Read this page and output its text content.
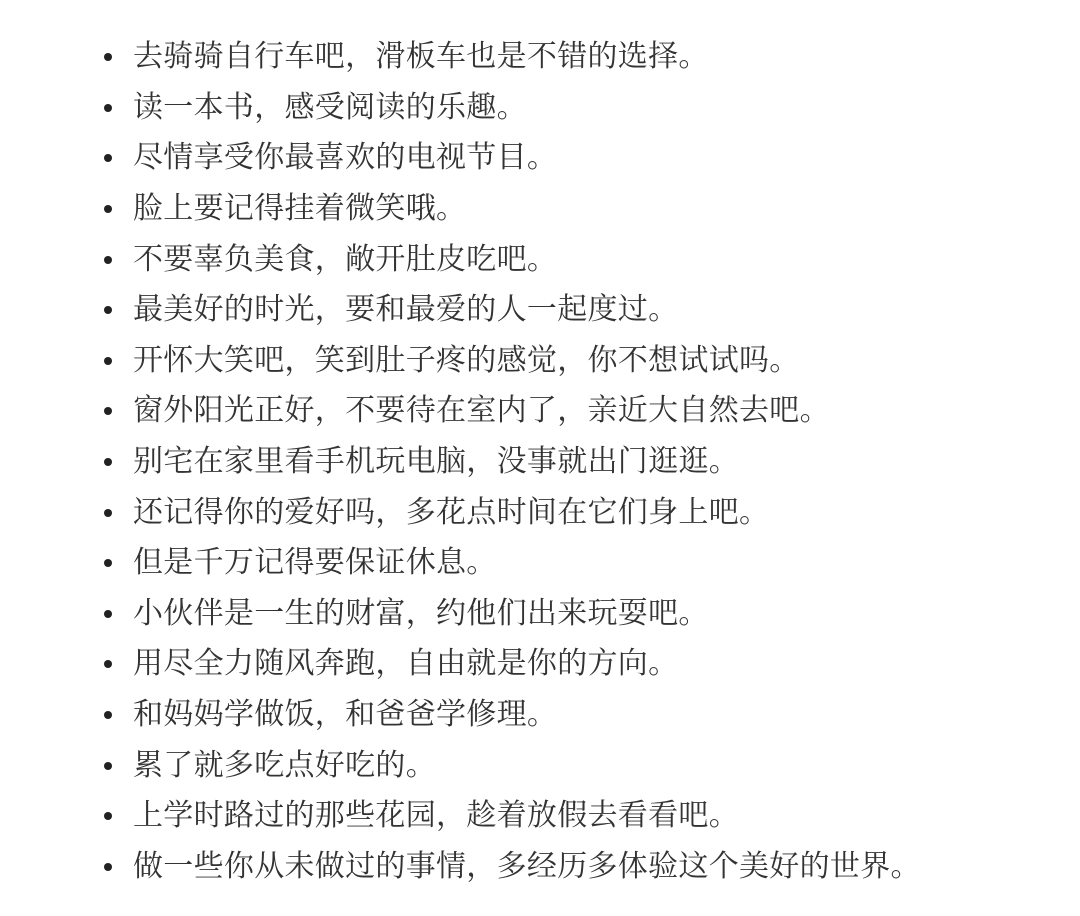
去骑骑自行车吧，滑板车也是不错的选择。
读一本书，感受阅读的乐趣。
尽情享受你最喜欢的电视节目。
脸上要记得挂着微笑哦。
不要辜负美食，敞开肚皮吃吧。
最美好的时光，要和最爱的人一起度过。
开怀大笑吧，笑到肚子疼的感觉，你不想试试吗。
窗外阳光正好，不要待在室内了，亲近大自然去吧。
别宅在家里看手机玩电脑，没事就出门逛逛。
还记得你的爱好吗，多花点时间在它们身上吧。
但是千万记得要保证休息。
小伙伴是一生的财富，约他们出来玩耍吧。
用尽全力随风奔跑，自由就是你的方向。
和妈妈学做饭，和爸爸学修理。
累了就多吃点好吃的。
上学时路过的那些花园，趁着放假去看看吧。
做一些你从未做过的事情，多经历多体验这个美好的世界。
